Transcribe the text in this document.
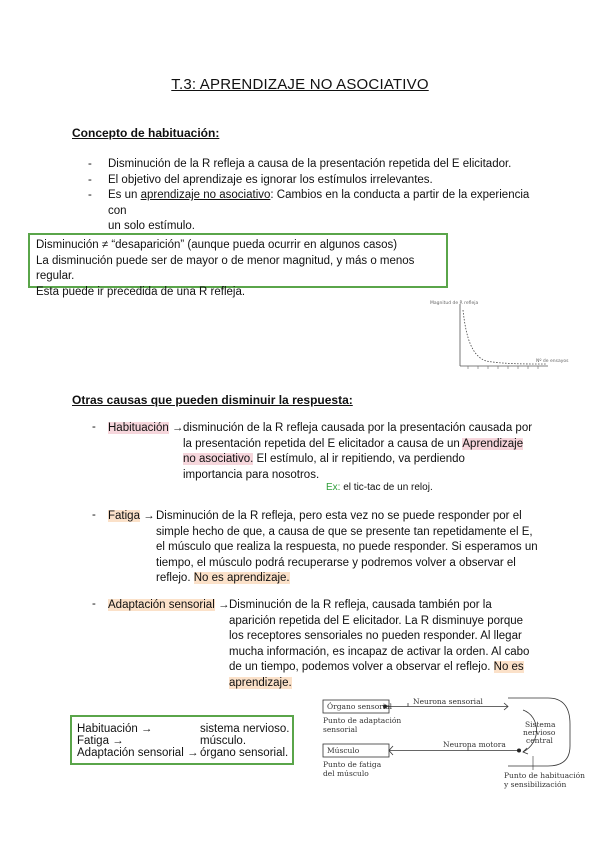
T.3: APRENDIZAJE NO ASOCIATIVO
Concepto de habituación:
- Disminución de la R refleja a causa de la presentación repetida del E elicitador.
- El objetivo del aprendizaje es ignorar los estímulos irrelevantes.
- Es un aprendizaje no asociativo: Cambios en la conducta a partir de la experiencia con
un solo estímulo.
Disminución ≠ “desaparición” (aunque pueda ocurrir en algunos casos)
La disminución puede ser de mayor o de menor magnitud, y más o menos regular.
Esta puede ir precedida de una R refleja.
Magnitud de R refleja
Nº de ensayos
Otras causas que pueden disminuir la respuesta:
- Habituación → disminución de la R refleja causada por la presentación causada por
la presentación repetida del E elicitador a causa de un Aprendizaje
no asociativo. El estímulo, al ir repitiendo, va perdiendo
importancia para nosotros.
Ex: el tic-tac de un reloj.
- Fatiga → Disminución de la R refleja, pero esta vez no se puede responder por el
simple hecho de que, a causa de que se presente tan repetidamente el E,
el músculo que realiza la respuesta, no puede responder. Si esperamos un
tiempo, el músculo podrá recuperarse y podremos volver a observar el
reflejo. No es aprendizaje.
- Adaptación sensorial → Disminución de la R refleja, causada también por la
aparición repetida del E elicitador. La R disminuye porque
los receptores sensoriales no pueden responder. Al llegar
mucha información, es incapaz de activar la orden. Al cabo
de un tiempo, podemos volver a observar el reflejo. No es
aprendizaje.
Habituación →	sistema nervioso.
Fatiga →	músculo.
Adaptación sensorial → órgano sensorial.
Órgano sensorial
Neurona sensorial
Punto de adaptación
sensorial
Sistema
nervioso
central
Músculo
Neurona motora
Punto de fatiga
del músculo	Punto de habituación
y sensibilización
